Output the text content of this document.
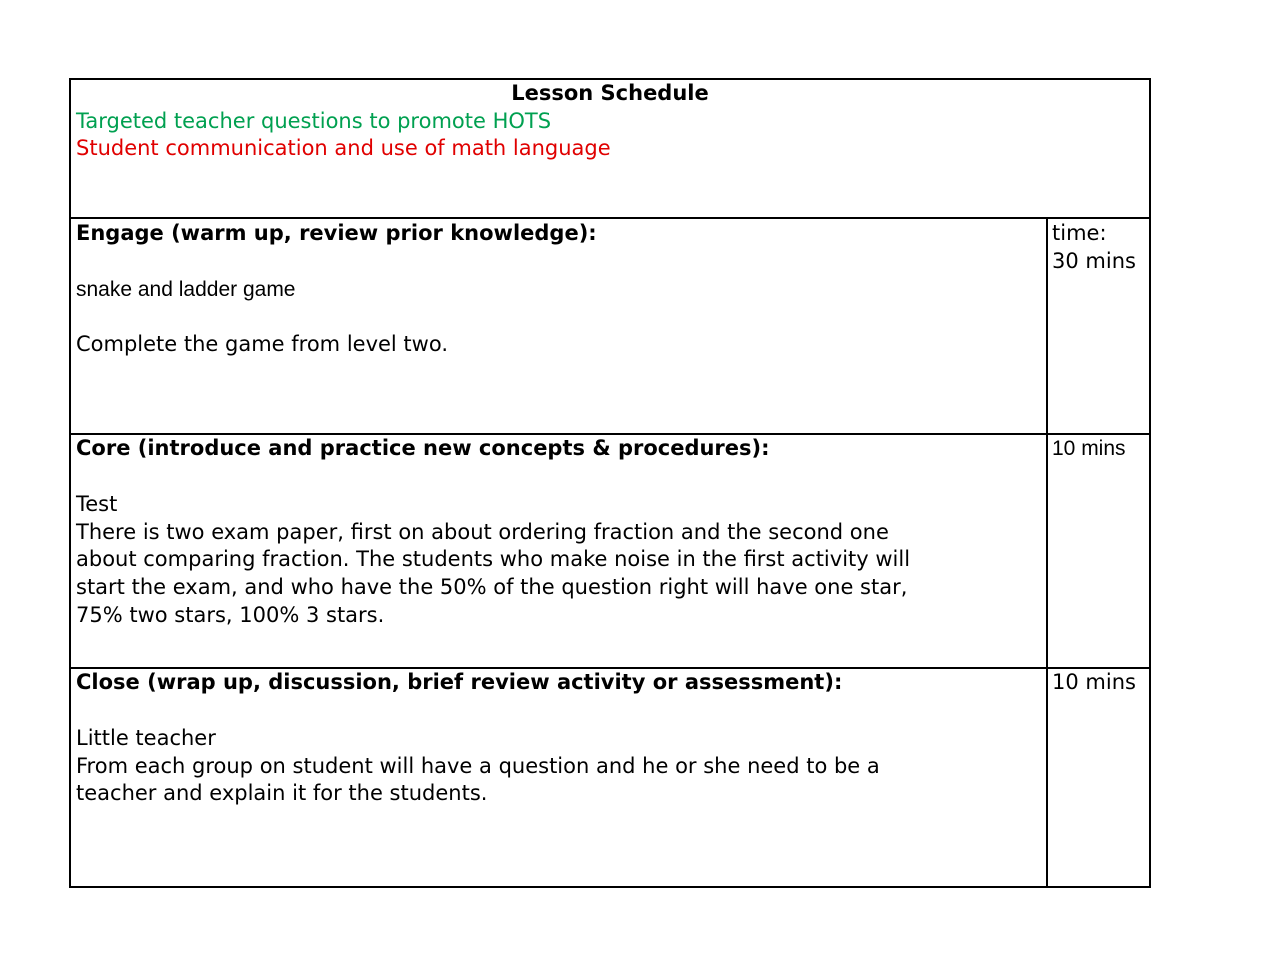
Lesson Schedule
Targeted teacher questions to promote HOTS
Student communication and use of math language
Engage (warm up, review prior knowledge):
snake and ladder game
Complete the game from level two.
time:
30 mins
Core (introduce and practice new concepts & procedures):
Test
There is two exam paper, first on about ordering fraction and the second one
about comparing fraction. The students who make noise in the first activity will
start the exam, and who have the 50% of the question right will have one star,
75% two stars, 100% 3 stars.
10 mins
Close (wrap up, discussion, brief review activity or assessment):
Little teacher
From each group on student will have a question and he or she need to be a
teacher and explain it for the students.
10 mins
